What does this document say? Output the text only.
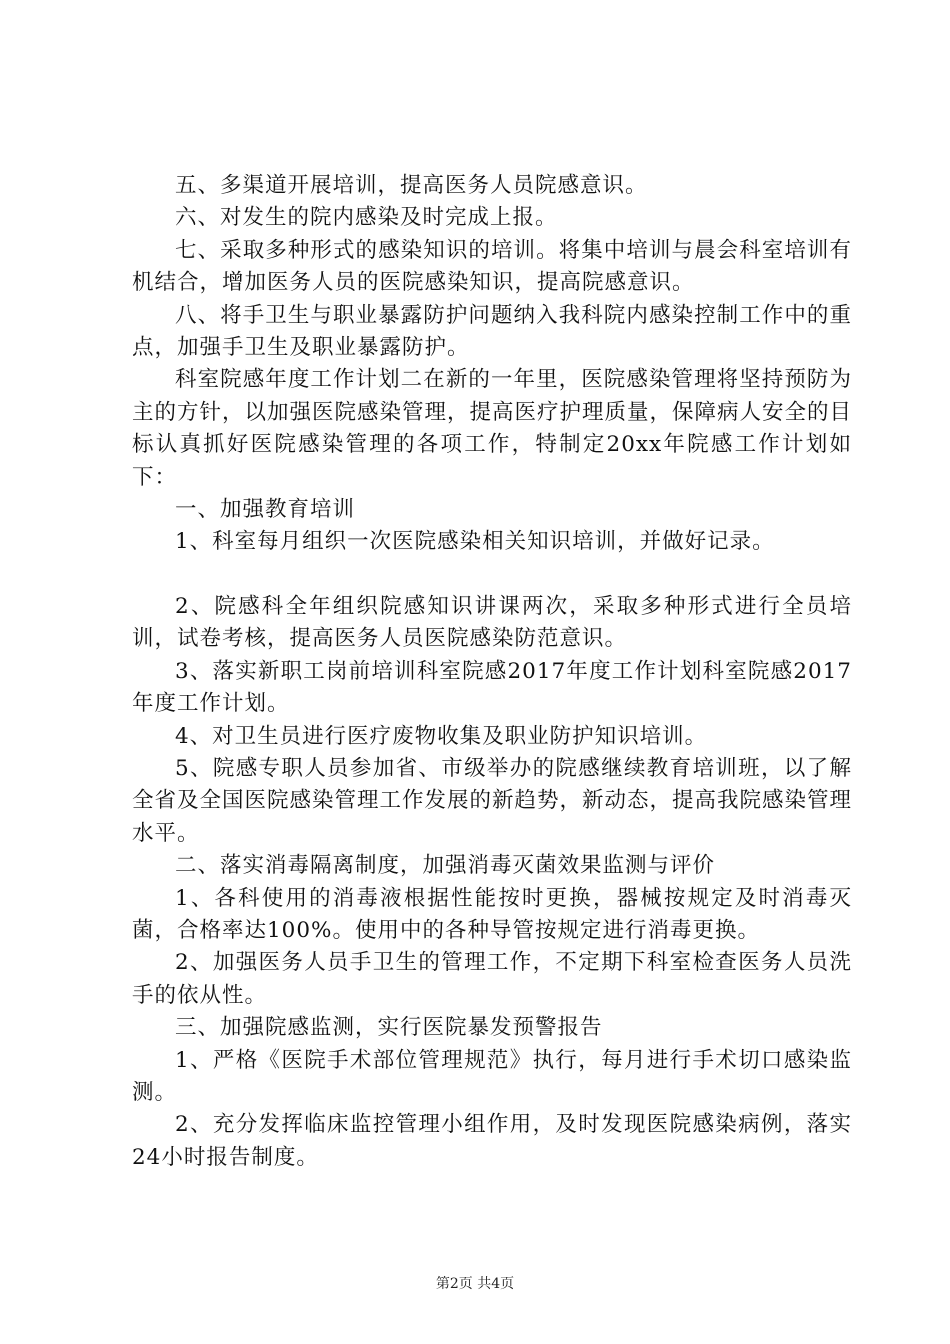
五、多渠道开展培训，提高医务人员院感意识。

六、对发生的院内感染及时完成上报。

七、采取多种形式的感染知识的培训。将集中培训与晨会科室培训有机结合，增加医务人员的医院感染知识，提高院感意识。

八、将手卫生与职业暴露防护问题纳入我科院内感染控制工作中的重点，加强手卫生及职业暴露防护。

科室院感年度工作计划二在新的一年里，医院感染管理将坚持预防为主的方针，以加强医院感染管理，提高医疗护理质量，保障病人安全的目标认真抓好医院感染管理的各项工作，特制定20xx年院感工作计划如下：

一、加强教育培训

1、科室每月组织一次医院感染相关知识培训，并做好记录。

2、院感科全年组织院感知识讲课两次，采取多种形式进行全员培训，试卷考核，提高医务人员医院感染防范意识。

3、落实新职工岗前培训科室院感2017年度工作计划科室院感2017年度工作计划。

4、对卫生员进行医疗废物收集及职业防护知识培训。

5、院感专职人员参加省、市级举办的院感继续教育培训班，以了解全省及全国医院感染管理工作发展的新趋势，新动态，提高我院感染管理水平。

二、落实消毒隔离制度，加强消毒灭菌效果监测与评价

1、各科使用的消毒液根据性能按时更换，器械按规定及时消毒灭菌，合格率达100%。使用中的各种导管按规定进行消毒更换。

2、加强医务人员手卫生的管理工作，不定期下科室检查医务人员洗手的依从性。

三、加强院感监测，实行医院暴发预警报告

1、严格《医院手术部位管理规范》执行，每月进行手术切口感染监测。

2、充分发挥临床监控管理小组作用，及时发现医院感染病例，落实24小时报告制度。

第2页 共4页
